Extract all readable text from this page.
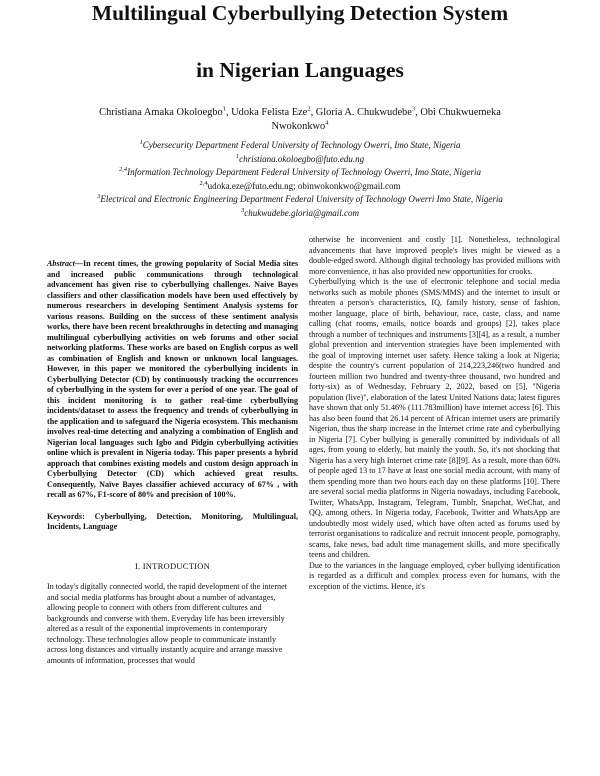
Multilingual Cyberbullying Detection System
in Nigerian Languages
Christiana Amaka Okoloegbo$^1$, Udoka Felista Eze$^2$, Gloria A. Chukwudebe$^3$, Obi Chukwuemeka Nwokonkwo$^4$
$^1$Cybersecurity Department Federal University of Technology Owerri, Imo State, Nigeria
$^1$christiana.okoloegbo@futo.edu.ng
$^{2,4}$Information Technology Department Federal University of Technology Owerri, Imo State, Nigeria
$^{2,4}$udoka.eze@futo.edu.ng; obinwokonkwo@gmail.com
$^3$Electrical and Electronic Engineering Department Federal University of Technology Owerri Imo State, Nigeria
$^3$chukwudebe.gloria@gmail.com

Abstract—In recent times, the growing popularity of Social Media sites and increased public communications through technological advancement has given rise to cyberbullying challenges. Naive Bayes classifiers and other classification models have been used effectively by numerous researchers in developing Sentiment Analysis systems for various reasons. Building on the success of these sentiment analysis works, there have been recent breakthroughs in detecting and managing multilingual cyberbullying activities on web forums and other social networking platforms. These works are based on English corpus as well as combination of English and known or unknown local languages. However, in this paper we monitored the cyberbullying incidents in Cyberbullying Detector (CD) by continuously tracking the occurrences of cyberbullying in the system for over a period of one year. The goal of this incident monitoring is to gather real-time cyberbullying incidents/dataset to assess the frequency and trends of cyberbullying in the application and to safeguard the Nigeria ecosystem. This mechanism involves real-time detecting and analyzing a combination of English and Nigerian local languages such Igbo and Pidgin cyberbullying activities online which is prevalent in Nigeria today. This paper presents a hybrid approach that combines existing models and custom design approach in Cyberbullying Detector (CD) which achieved great results. Consequently, Naïve Bayes classifier achieved accuracy of 67% , with recall as 67%, F1-score of 80% and precision of 100%.

Keywords: Cyberbullying, Detection, Monitoring, Multilingual, Incidents, Language

I. INTRODUCTION

In today's digitally connected world, the rapid development of the internet and social media platforms has brought about a number of advantages, allowing people to connect with others from different cultures and backgrounds and converse with them. Everyday life has been irreversibly altered as a result of the exponential improvements in contemporary technology. These technologies allow people to communicate instantly across long distances and virtually instantly acquire and arrange massive amounts of information, processes that would

otherwise be inconvenient and costly [1]. Nonetheless, technological advancements that have improved people's lives might be viewed as a double-edged sword. Although digital technology has provided millions with more convenience, it has also provided new opportunities for crooks.

Cyberbullying which is the use of electronic telephone and social media networks such as mobile phones (SMS/MMS) and the internet to insult or threaten a person's characteristics, IQ, family history, sense of fashion, mother language, place of birth, behaviour, race, caste, class, and name calling (chat rooms, emails, notice boards and groups) [2], takes place through a number of techniques and instruments [3][4], as a result, a number global prevention and intervention strategies have been implemented with the goal of improving internet user safety. Hence taking a look at Nigeria; despite the country's current population of 214,223,246(two hundred and fourteen million two hundred and twenty-three thousand, two hundred and forty-six) as of Wednesday, February 2, 2022, based on [5], "Nigeria population (live)", elaboration of the latest United Nations data; latest figures have shown that only 51.46% (111.783million) have internet access [6]. This has also been found that 26.14 percent of African internet users are primarily Nigerian, thus the sharp increase in the Internet crime rate and cyberbullying in Nigeria [7]. Cyber bullying is generally committed by individuals of all ages, from young to elderly, but mainly the youth. So, it's not shocking that Nigeria has a very high Internet crime rate [8][9]. As a result, more than 60% of people aged 13 to 17 have at least one social media account, with many of them spending more than two hours each day on these platforms [10]. There are several social media platforms in Nigeria nowadays, including Facebook, Twitter, WhatsApp, Instagram, Telegram, Tumblr, Snapchat, WeChat, and QQ, among others. In Nigeria today, Facebook, Twitter and WhatsApp are undoubtedly most widely used, which have often acted as forums used by terrorist organisations to radicalize and recruit innocent people, pornography, scams, fake news, bad adult time management skills, and more specifically teens and children.

Due to the variances in the language employed, cyber bullying identification is regarded as a difficult and complex process even for humans, with the exception of the victims. Hence, it's
